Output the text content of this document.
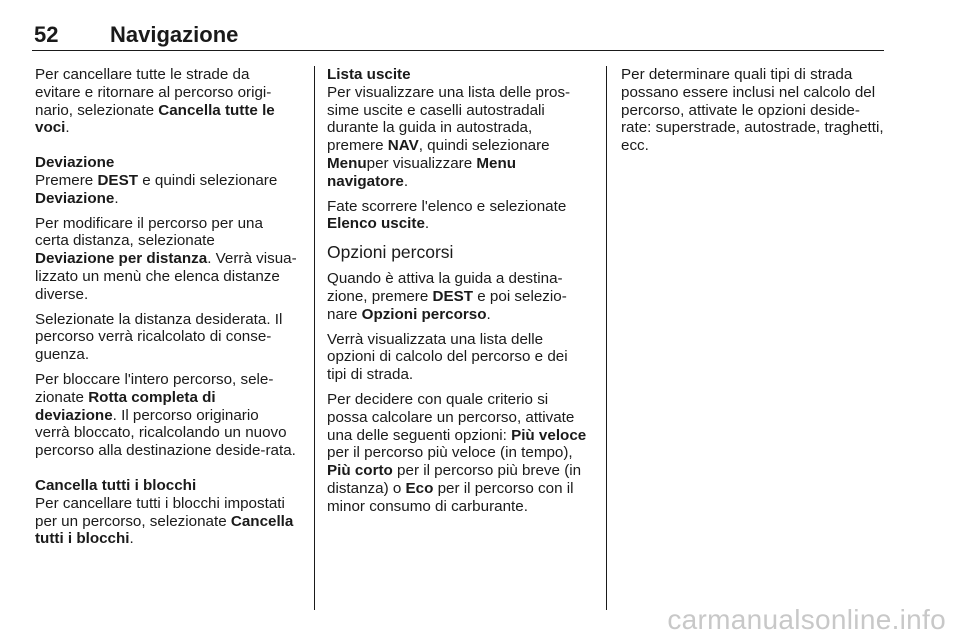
52 Navigazione

Per cancellare tutte le strade da evitare e ritornare al percorso origi-nario, selezionate Cancella tutte le voci.

Deviazione

Premere DEST e quindi selezionare Deviazione.

Per modificare il percorso per una certa distanza, selezionate Deviazione per distanza. Verrà visua-lizzato un menù che elenca distanze diverse.

Selezionate la distanza desiderata. Il percorso verrà ricalcolato di conse-guenza.

Per bloccare l'intero percorso, sele-zionate Rotta completa di deviazione. Il percorso originario verrà bloccato, ricalcolando un nuovo percorso alla destinazione deside-rata.

Cancella tutti i blocchi

Per cancellare tutti i blocchi impostati per un percorso, selezionate Cancella tutti i blocchi.

Lista uscite

Per visualizzare una lista delle pros-sime uscite e caselli autostradali durante la guida in autostrada, premere NAV, quindi selezionare Menuper visualizzare Menu navigatore.

Fate scorrere l'elenco e selezionate Elenco uscite.

Opzioni percorsi

Quando è attiva la guida a destina-zione, premere DEST e poi selezio-nare Opzioni percorso.

Verrà visualizzata una lista delle opzioni di calcolo del percorso e dei tipi di strada.

Per decidere con quale criterio si possa calcolare un percorso, attivate una delle seguenti opzioni: Più veloce per il percorso più veloce (in tempo), Più corto per il percorso più breve (in distanza) o Eco per il percorso con il minor consumo di carburante.

Per determinare quali tipi di strada possano essere inclusi nel calcolo del percorso, attivate le opzioni deside-rate: superstrade, autostrade, traghetti, ecc.

carmanualsonline.info
